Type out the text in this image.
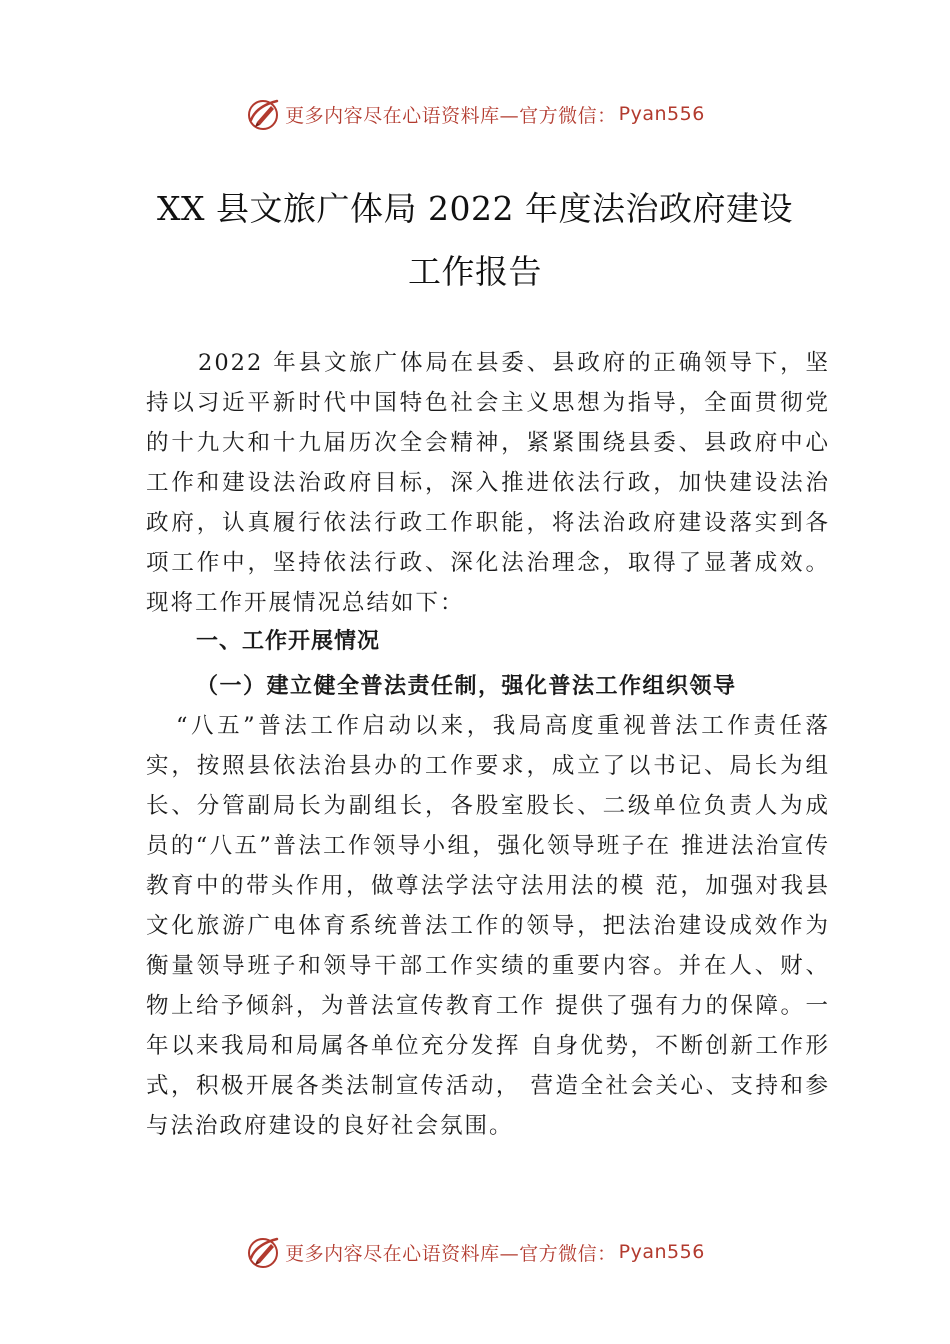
更多内容尽在心语资料库—官方微信： Pyan556
XX 县文旅广体局 2022 年度法治政府建设
工作报告

2022 年县文旅广体局在县委、县政府的正确领导下，坚持以习近平新时代中国特色社会主义思想为指导，全面贯彻党的十九大和十九届历次全会精神，紧紧围绕县委、县政府中心工作和建设法治政府目标，深入推进依法行政，加快建设法治政府，认真履行依法行政工作职能，将法治政府建设落实到各项工作中，坚持依法行政、深化法治理念，取得了显著成效。现将工作开展情况总结如下：

一、工作开展情况
（一）建立健全普法责任制，强化普法工作组织领导

“八五”普法工作启动以来，我局高度重视普法工作责任落实，按照县依法治县办的工作要求，成立了以书记、局长为组长、分管副局长为副组长，各股室股长、二级单位负责人为成员的“八五”普法工作领导小组，强化领导班子在 推进法治宣传教育中的带头作用，做尊法学法守法用法的模 范，加强对我县文化旅游广电体育系统普法工作的领导，把法治建设成效作为衡量领导班子和领导干部工作实绩的重要内容。并在人、财、物上给予倾斜，为普法宣传教育工作 提供了强有力的保障。一年以来我局和局属各单位充分发挥 自身优势，不断创新工作形式，积极开展各类法制宣传活动， 营造全社会关心、支持和参与法治政府建设的良好社会氛围。

更多内容尽在心语资料库—官方微信： Pyan556
